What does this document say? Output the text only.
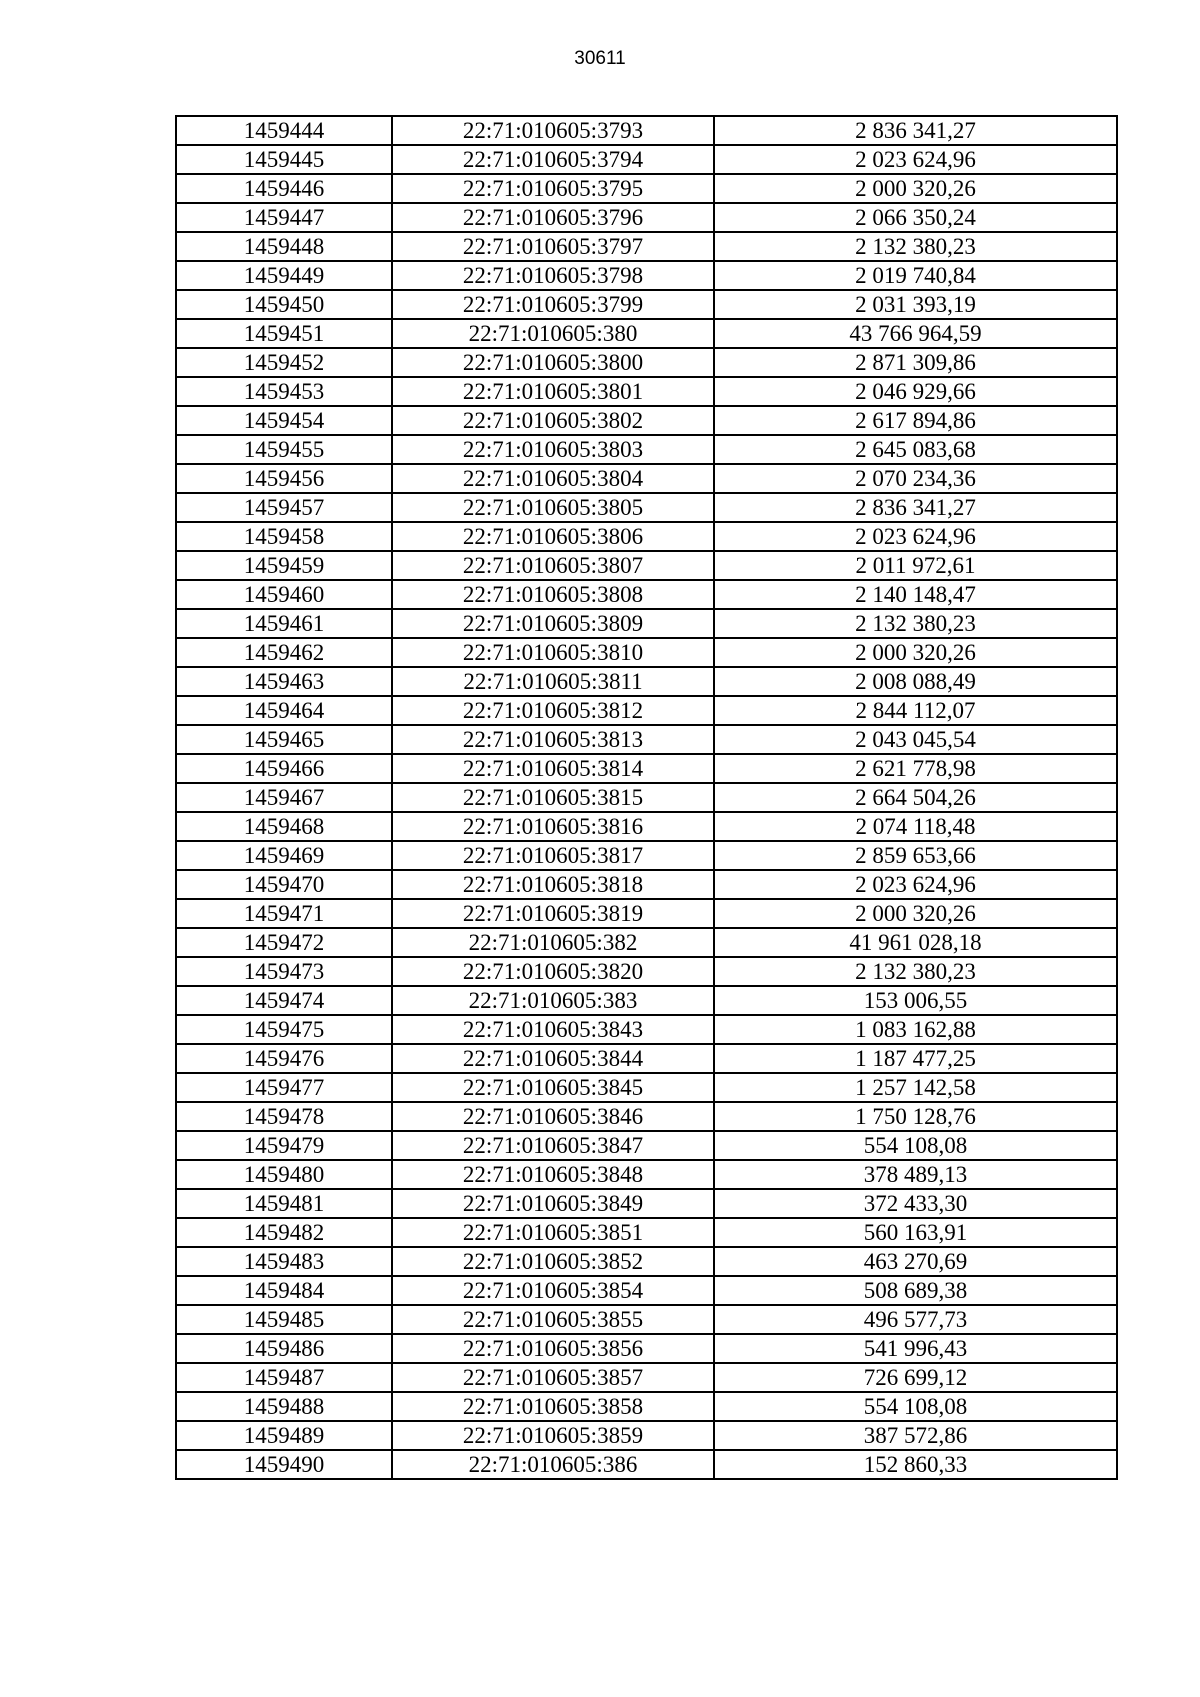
30611
1459444	22:71:010605:3793	2 836 341,27
1459445	22:71:010605:3794	2 023 624,96
1459446	22:71:010605:3795	2 000 320,26
1459447	22:71:010605:3796	2 066 350,24
1459448	22:71:010605:3797	2 132 380,23
1459449	22:71:010605:3798	2 019 740,84
1459450	22:71:010605:3799	2 031 393,19
1459451	22:71:010605:380	43 766 964,59
1459452	22:71:010605:3800	2 871 309,86
1459453	22:71:010605:3801	2 046 929,66
1459454	22:71:010605:3802	2 617 894,86
1459455	22:71:010605:3803	2 645 083,68
1459456	22:71:010605:3804	2 070 234,36
1459457	22:71:010605:3805	2 836 341,27
1459458	22:71:010605:3806	2 023 624,96
1459459	22:71:010605:3807	2 011 972,61
1459460	22:71:010605:3808	2 140 148,47
1459461	22:71:010605:3809	2 132 380,23
1459462	22:71:010605:3810	2 000 320,26
1459463	22:71:010605:3811	2 008 088,49
1459464	22:71:010605:3812	2 844 112,07
1459465	22:71:010605:3813	2 043 045,54
1459466	22:71:010605:3814	2 621 778,98
1459467	22:71:010605:3815	2 664 504,26
1459468	22:71:010605:3816	2 074 118,48
1459469	22:71:010605:3817	2 859 653,66
1459470	22:71:010605:3818	2 023 624,96
1459471	22:71:010605:3819	2 000 320,26
1459472	22:71:010605:382	41 961 028,18
1459473	22:71:010605:3820	2 132 380,23
1459474	22:71:010605:383	153 006,55
1459475	22:71:010605:3843	1 083 162,88
1459476	22:71:010605:3844	1 187 477,25
1459477	22:71:010605:3845	1 257 142,58
1459478	22:71:010605:3846	1 750 128,76
1459479	22:71:010605:3847	554 108,08
1459480	22:71:010605:3848	378 489,13
1459481	22:71:010605:3849	372 433,30
1459482	22:71:010605:3851	560 163,91
1459483	22:71:010605:3852	463 270,69
1459484	22:71:010605:3854	508 689,38
1459485	22:71:010605:3855	496 577,73
1459486	22:71:010605:3856	541 996,43
1459487	22:71:010605:3857	726 699,12
1459488	22:71:010605:3858	554 108,08
1459489	22:71:010605:3859	387 572,86
1459490	22:71:010605:386	152 860,33
